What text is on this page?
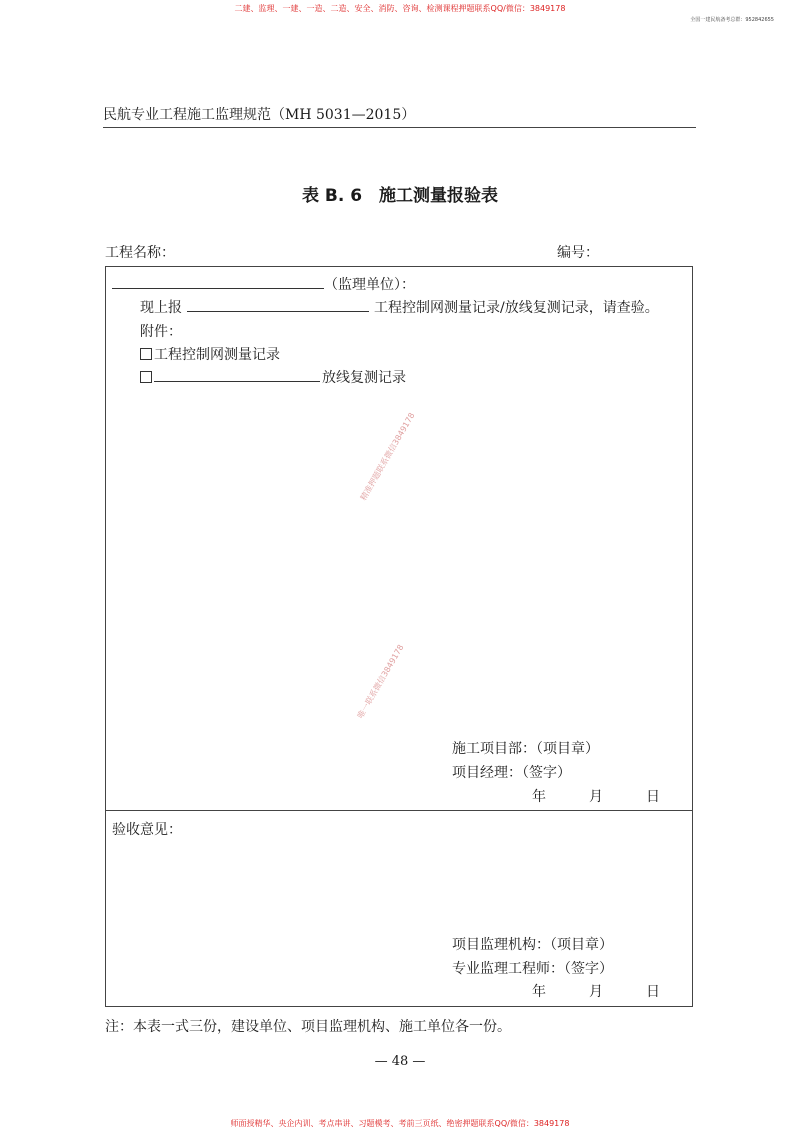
二建、监理、一建、一造、二造、安全、消防、咨询、检测课程押题联系QQ/微信：3849178
全国一建民航备考总群：952842655
民航专业工程施工监理规范（MH 5031—2015）
表 B. 6　施工测量报验表
工程名称：	编号：
（监理单位）：
现上报	工程控制网测量记录/放线复测记录，请查验。
附件：
工程控制网测量记录
放线复测记录
精准押题联系微信3849178
唯一联系微信3849178
施工项目部：（项目章）
项目经理：（签字）
年	月	日
验收意见：
项目监理机构：（项目章）
专业监理工程师：（签字）
年	月	日
注：本表一式三份，建设单位、项目监理机构、施工单位各一份。
— 48 —
师面授精华、央企内训、考点串讲、习题模考、考前三页纸、绝密押题联系QQ/微信：3849178
